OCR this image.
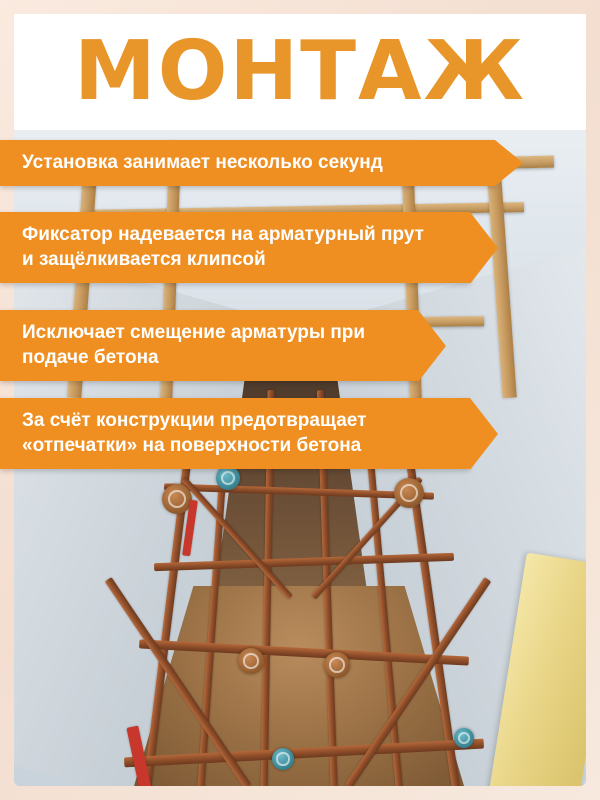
МОНТАЖ
Установка занимает несколько секунд
Фиксатор надевается на арматурный прут и защёлкивается клипсой
Исключает смещение арматуры при подаче бетона
За счёт конструкции предотвращает «отпечатки» на поверхности бетона
